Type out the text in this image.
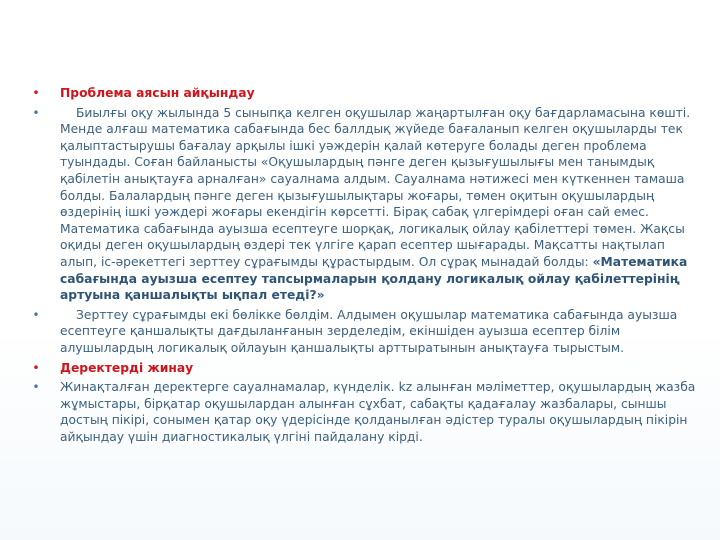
• Проблема аясын айқындау
•	Биылғы оқу жылында 5 сыныпқа келген оқушылар жаңартылған оқу бағдарламасына көшті. Менде алғаш математика сабағында бес баллдық жүйеде бағаланып келген оқушыларды тек қалыптастырушы бағалау арқылы ішкі уәждерін қалай көтеруге болады деген проблема туындады. Соған байланысты «Оқушылардың пәнге деген қызығушылығы мен танымдық қабілетін анықтауға арналған» сауалнама алдым. Сауалнама нәтижесі мен күткеннен тамаша болды. Балалардың пәнге деген қызығушылықтары жоғары, төмен оқитын оқушылардың өздерінің ішкі уәждері жоғары екендігін көрсетті. Бірақ сабақ үлгерімдері оған сай емес. Математика сабағында ауызша есептеуге шорқақ, логикалық ойлау қабілеттері төмен. Жақсы оқиды деген оқушылардың өздері тек үлгіге қарап есептер шығарады. Мақсатты нақтылап алып, іс-әрекеттегі зерттеу сұрағымды құрастырдым. Ол сұрақ мынадай болды: «Математика сабағында ауызша есептеу тапсырмаларын қолдану логикалық ойлау қабілеттерінің артуына қаншалықты ықпал етеді?»
•	Зерттеу сұрағымды екі бөлікке бөлдім. Алдымен оқушылар математика сабағында ауызша есептеуге қаншалықты дағдыланғанын зерделедім, екіншіден ауызша есептер білім алушылардың логикалық ойлауын қаншалықты арттыратынын анықтауға тырыстым.
• Деректерді жинау
• Жинақталған деректерге сауалнамалар, күнделік. kz алынған мәліметтер, оқушылардың жазба жұмыстары, бірқатар оқушылардан алынған сұхбат, сабақты қадағалау жазбалары, сыншы достың пікірі, сонымен қатар оқу үдерісінде қолданылған әдістер туралы оқушылардың пікірін айқындау үшін диагностикалық үлгіні пайдалану кірді.
